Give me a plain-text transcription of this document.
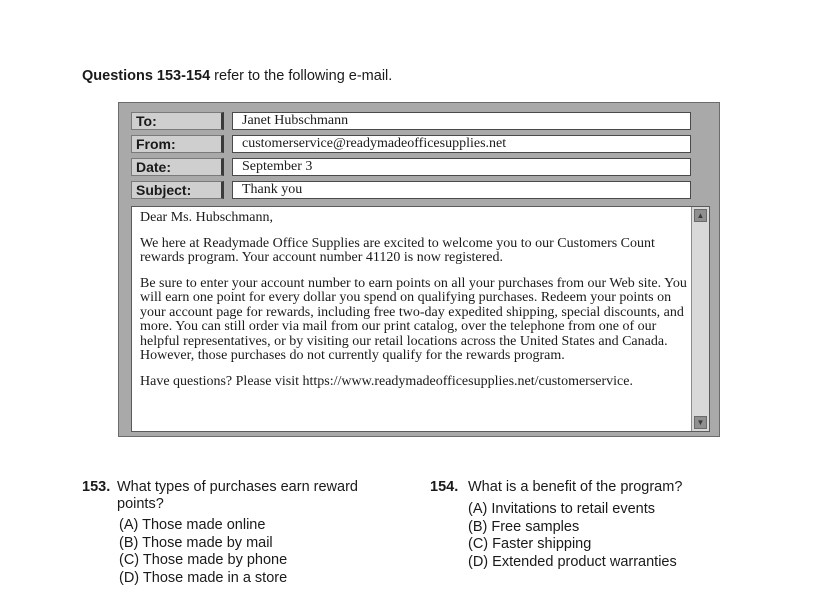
Questions 153-154 refer to the following e-mail.
To:	Janet Hubschmann
From:	customerservice@readymadeofficesupplies.net
Date:	September 3
Subject:	Thank you

Dear Ms. Hubschmann,

We here at Readymade Office Supplies are excited to welcome you to our Customers Count rewards program. Your account number 41120 is now registered.

Be sure to enter your account number to earn points on all your purchases from our Web site. You will earn one point for every dollar you spend on qualifying purchases. Redeem your points on your account page for rewards, including free two-day expedited shipping, special discounts, and more. You can still order via mail from our print catalog, over the telephone from one of our helpful representatives, or by visiting our retail locations across the United States and Canada. However, those purchases do not currently qualify for the rewards program.

Have questions? Please visit https://www.readymadeofficesupplies.net/customerservice.

▲
▼
153. What types of purchases earn reward points?
(A) Those made online
(B) Those made by mail
(C) Those made by phone
(D) Those made in a store
154. What is a benefit of the program?
(A) Invitations to retail events
(B) Free samples
(C) Faster shipping
(D) Extended product warranties
